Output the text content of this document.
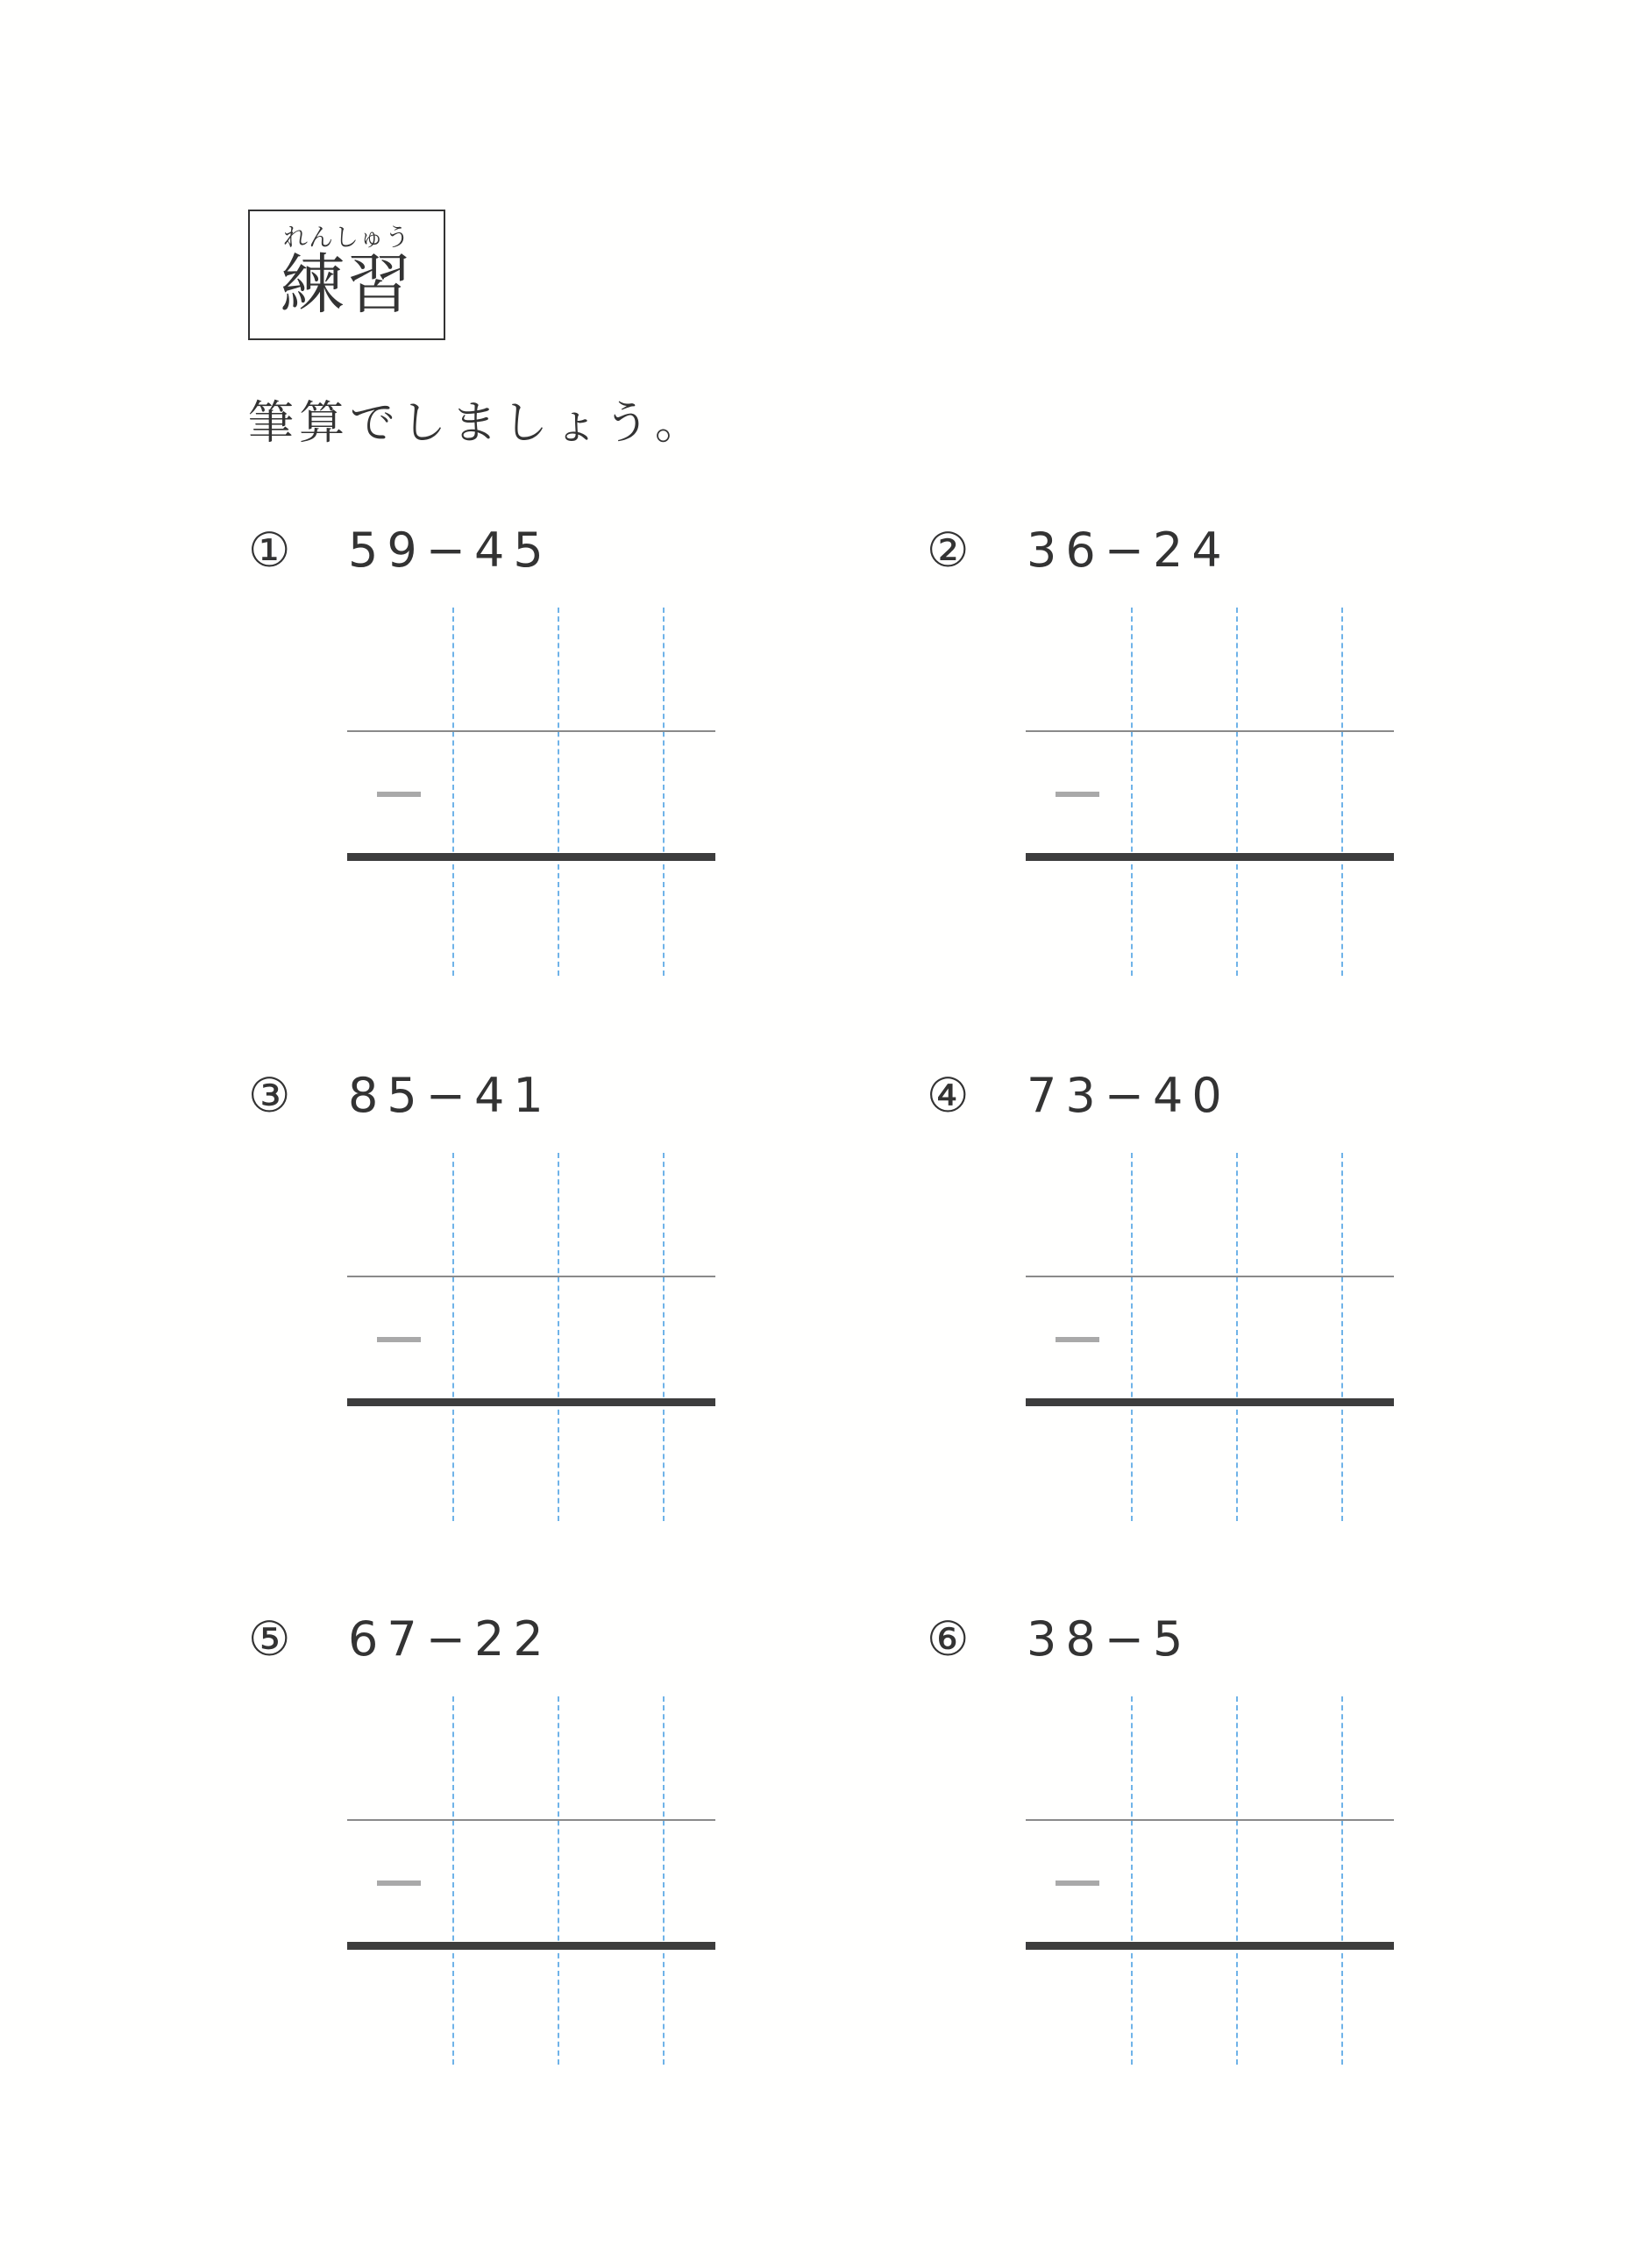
れんしゅう
練習
筆算でしましょう。
① 59−45	② 36−24
③ 85−41	④ 73−40
⑤ 67−22	⑥ 38−5
